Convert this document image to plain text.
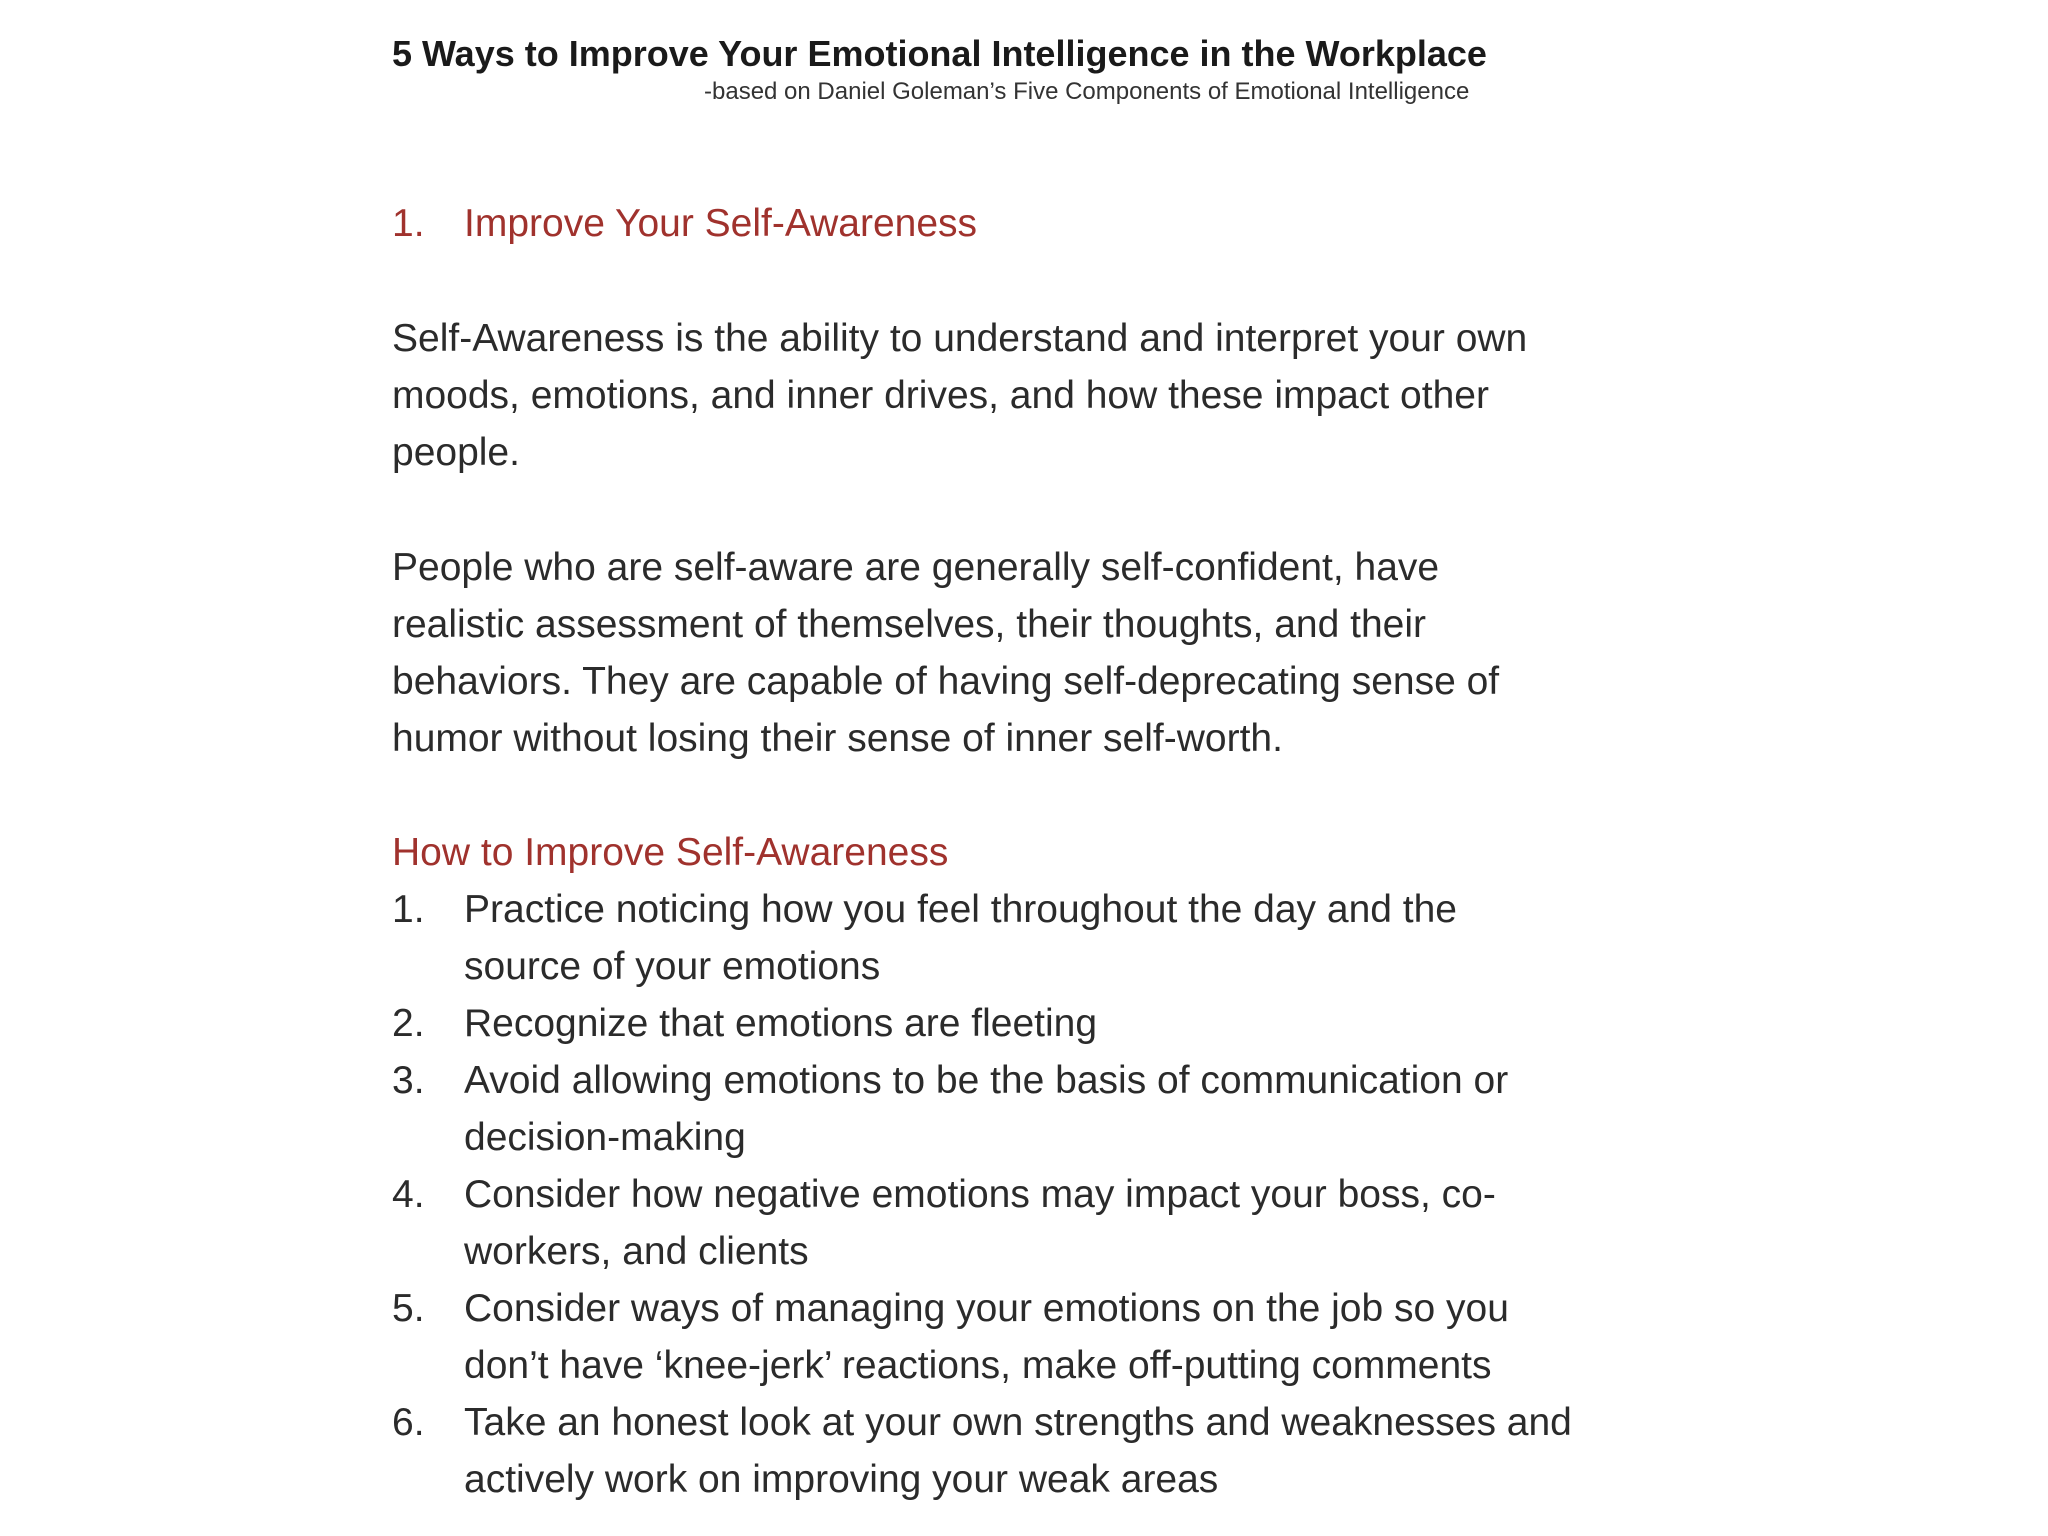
5 Ways to Improve Your Emotional Intelligence in the Workplace
-based on Daniel Goleman’s Five Components of Emotional Intelligence
1. Improve Your Self-Awareness

Self-Awareness is the ability to understand and interpret your own moods, emotions, and inner drives, and how these impact other people.

People who are self-aware are generally self-confident, have realistic assessment of themselves, their thoughts, and their behaviors. They are capable of having self-deprecating sense of humor without losing their sense of inner self-worth.

How to Improve Self-Awareness
1.	Practice noticing how you feel throughout the day and the source of your emotions
2.	Recognize that emotions are fleeting
3.	Avoid allowing emotions to be the basis of communication or decision-making
4.	Consider how negative emotions may impact your boss, co-workers, and clients
5.	Consider ways of managing your emotions on the job so you don’t have ‘knee-jerk’ reactions, make off-putting comments
6.	Take an honest look at your own strengths and weaknesses and actively work on improving your weak areas
